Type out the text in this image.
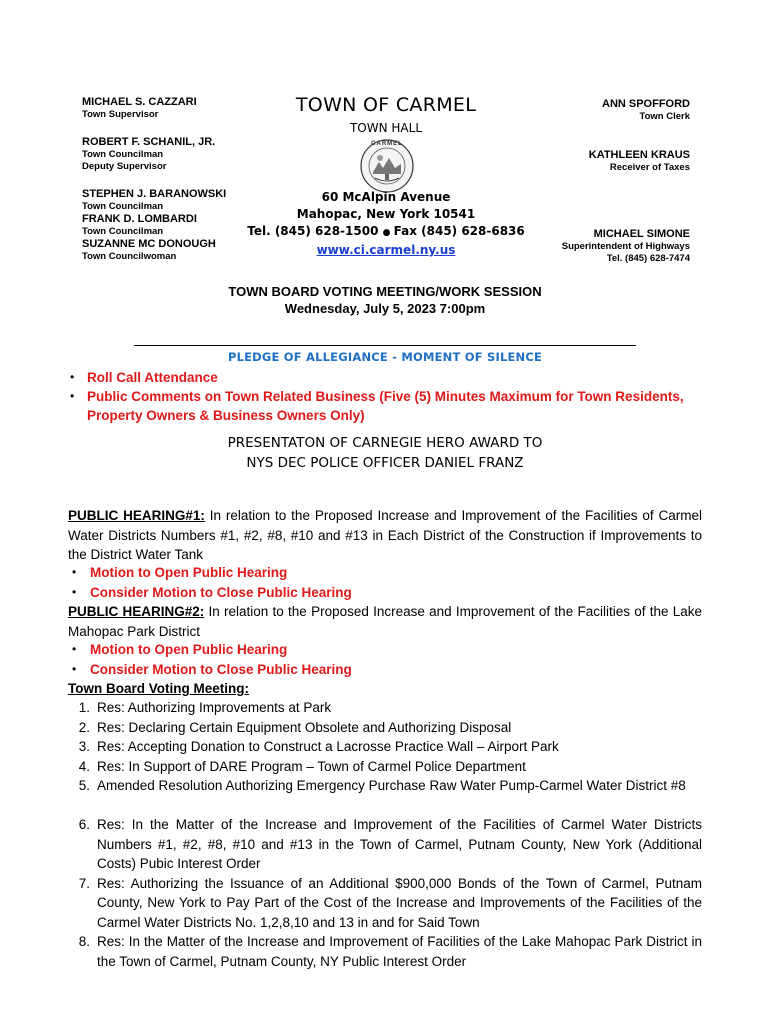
MICHAEL S. CAZZARI
Town Supervisor
ROBERT F. SCHANIL, JR.
Town Councilman
Deputy Supervisor
STEPHEN J. BARANOWSKI
Town Councilman
FRANK D. LOMBARDI
Town Councilman
SUZANNE MC DONOUGH
Town Councilwoman
ANN SPOFFORD
Town Clerk
KATHLEEN KRAUS
Receiver of Taxes
MICHAEL SIMONE
Superintendent of Highways
Tel. (845) 628-7474
TOWN OF CARMEL
TOWN HALL
CARMEL
60 McAlpin Avenue
Mahopac, New York 10541
Tel. (845) 628-1500 ● Fax (845) 628-6836
www.ci.carmel.ny.us
TOWN BOARD VOTING MEETING/WORK SESSION
Wednesday, July 5, 2023 7:00pm
PLEDGE OF ALLEGIANCE - MOMENT OF SILENCE
• Roll Call Attendance
• Public Comments on Town Related Business (Five (5) Minutes Maximum for Town Residents, Property Owners & Business Owners Only)
PRESENTATON OF CARNEGIE HERO AWARD TO
NYS DEC POLICE OFFICER DANIEL FRANZ
PUBLIC HEARING#1: In relation to the Proposed Increase and Improvement of the Facilities of Carmel Water Districts Numbers #1, #2, #8, #10 and #13 in Each District of the Construction if Improvements to the District Water Tank
• Motion to Open Public Hearing
• Consider Motion to Close Public Hearing
PUBLIC HEARING#2: In relation to the Proposed Increase and Improvement of the Facilities of the Lake Mahopac Park District
• Motion to Open Public Hearing
• Consider Motion to Close Public Hearing
Town Board Voting Meeting:
1. Res: Authorizing Improvements at Park
2. Res: Declaring Certain Equipment Obsolete and Authorizing Disposal
3. Res: Accepting Donation to Construct a Lacrosse Practice Wall – Airport Park
4. Res: In Support of DARE Program – Town of Carmel Police Department
5. Amended Resolution Authorizing Emergency Purchase Raw Water Pump-Carmel Water District #8
6. Res: In the Matter of the Increase and Improvement of the Facilities of Carmel Water Districts Numbers #1, #2, #8, #10 and #13 in the Town of Carmel, Putnam County, New York (Additional Costs) Pubic Interest Order
7. Res: Authorizing the Issuance of an Additional $900,000 Bonds of the Town of Carmel, Putnam County, New York to Pay Part of the Cost of the Increase and Improvements of the Facilities of the Carmel Water Districts No. 1,2,8,10 and 13 in and for Said Town
8. Res: In the Matter of the Increase and Improvement of Facilities of the Lake Mahopac Park District in the Town of Carmel, Putnam County, NY Public Interest Order
